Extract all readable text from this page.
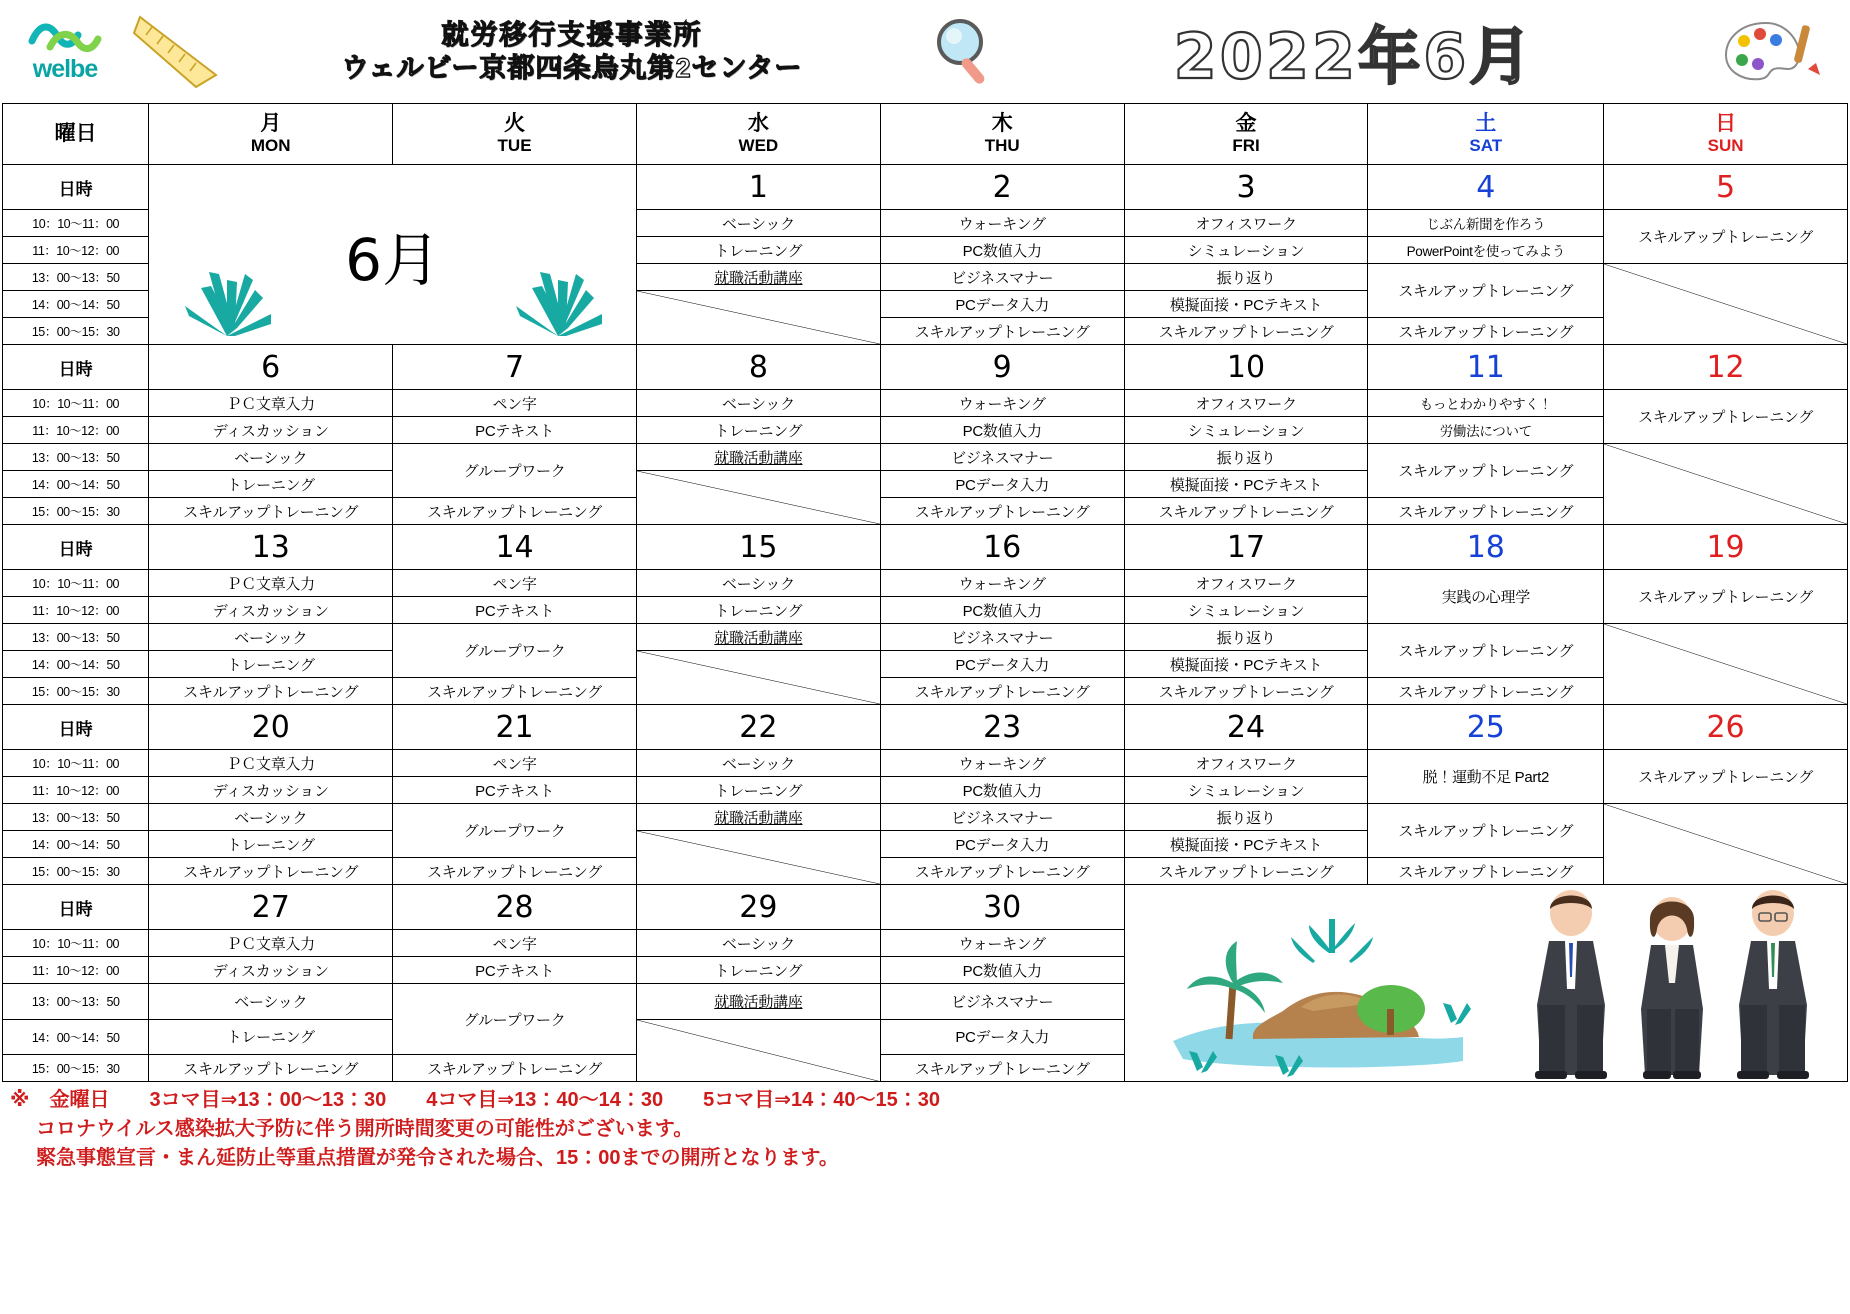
welbe
就労移行支援事業所
ウェルビー京都四条烏丸第2センター	2022年6月
曜日	月
MON	火
TUE	水
WED	木
THU	金
FRI	土
SAT	日
SUN

日時	6月		1	2	3	4	5
10：10～11：00			ベーシック	ウォーキング	オフィスワーク	じぶん新聞を作ろう	スキルアップトレーニング
11：10～12：00			トレーニング	PC数値入力	シミュレーション	PowerPointを使ってみよう	
13：00～13：50			就職活動講座	ビジネスマナー	振り返り	スキルアップトレーニング	

14：00～14：50				PCデータ入力	模擬面接・PCテキスト		
15：00～15：30				スキルアップトレーニング	スキルアップトレーニング	スキルアップトレーニング	
日時	6	7	8	9	10	11	12
10：10～11：00	ＰＣ文章入力	ペン字	ベーシック	ウォーキング	オフィスワーク	もっとわかりやすく！	スキルアップトレーニング
11：10～12：00	ディスカッション	PCテキスト	トレーニング	PC数値入力	シミュレーション	労働法について	
13：00～13：50	ベーシック	グループワーク	就職活動講座	ビジネスマナー	振り返り	スキルアップトレーニング	

14：00～14：50	トレーニング			PCデータ入力	模擬面接・PCテキスト		
15：00～15：30	スキルアップトレーニング	スキルアップトレーニング		スキルアップトレーニング	スキルアップトレーニング	スキルアップトレーニング	
日時	13	14	15	16	17	18	19
10：10～11：00	ＰＣ文章入力	ペン字	ベーシック	ウォーキング	オフィスワーク	実践の心理学	スキルアップトレーニング
11：10～12：00	ディスカッション	PCテキスト	トレーニング	PC数値入力	シミュレーション		
13：00～13：50	ベーシック	グループワーク	就職活動講座	ビジネスマナー	振り返り	スキルアップトレーニング	

14：00～14：50	トレーニング			PCデータ入力	模擬面接・PCテキスト		
15：00～15：30	スキルアップトレーニング	スキルアップトレーニング		スキルアップトレーニング	スキルアップトレーニング	スキルアップトレーニング	
日時	20	21	22	23	24	25	26
10：10～11：00	ＰＣ文章入力	ペン字	ベーシック	ウォーキング	オフィスワーク	脱！運動不足 Part2	スキルアップトレーニング
11：10～12：00	ディスカッション	PCテキスト	トレーニング	PC数値入力	シミュレーション		
13：00～13：50	ベーシック	グループワーク	就職活動講座	ビジネスマナー	振り返り	スキルアップトレーニング	

14：00～14：50	トレーニング			PCデータ入力	模擬面接・PCテキスト		
15：00～15：30	スキルアップトレーニング	スキルアップトレーニング		スキルアップトレーニング	スキルアップトレーニング	スキルアップトレーニング	
日時	27	28	29	30	

10：10～11：00	ＰＣ文章入力	ペン字	ベーシック	ウォーキング			
11：10～12：00	ディスカッション	PCテキスト	トレーニング	PC数値入力			
13：00～13：50	ベーシック	グループワーク	就職活動講座	ビジネスマナー			
14：00～14：50	トレーニング			PCデータ入力			
15：00～15：30	スキルアップトレーニング	スキルアップトレーニング		スキルアップトレーニング			
※　金曜日　　3コマ目⇒13：00～13：30　　4コマ目⇒13：40～14：30　　5コマ目⇒14：40～15：30
コロナウイルス感染拡大予防に伴う開所時間変更の可能性がございます。
緊急事態宣言・まん延防止等重点措置が発令された場合、15：00までの開所となります。
